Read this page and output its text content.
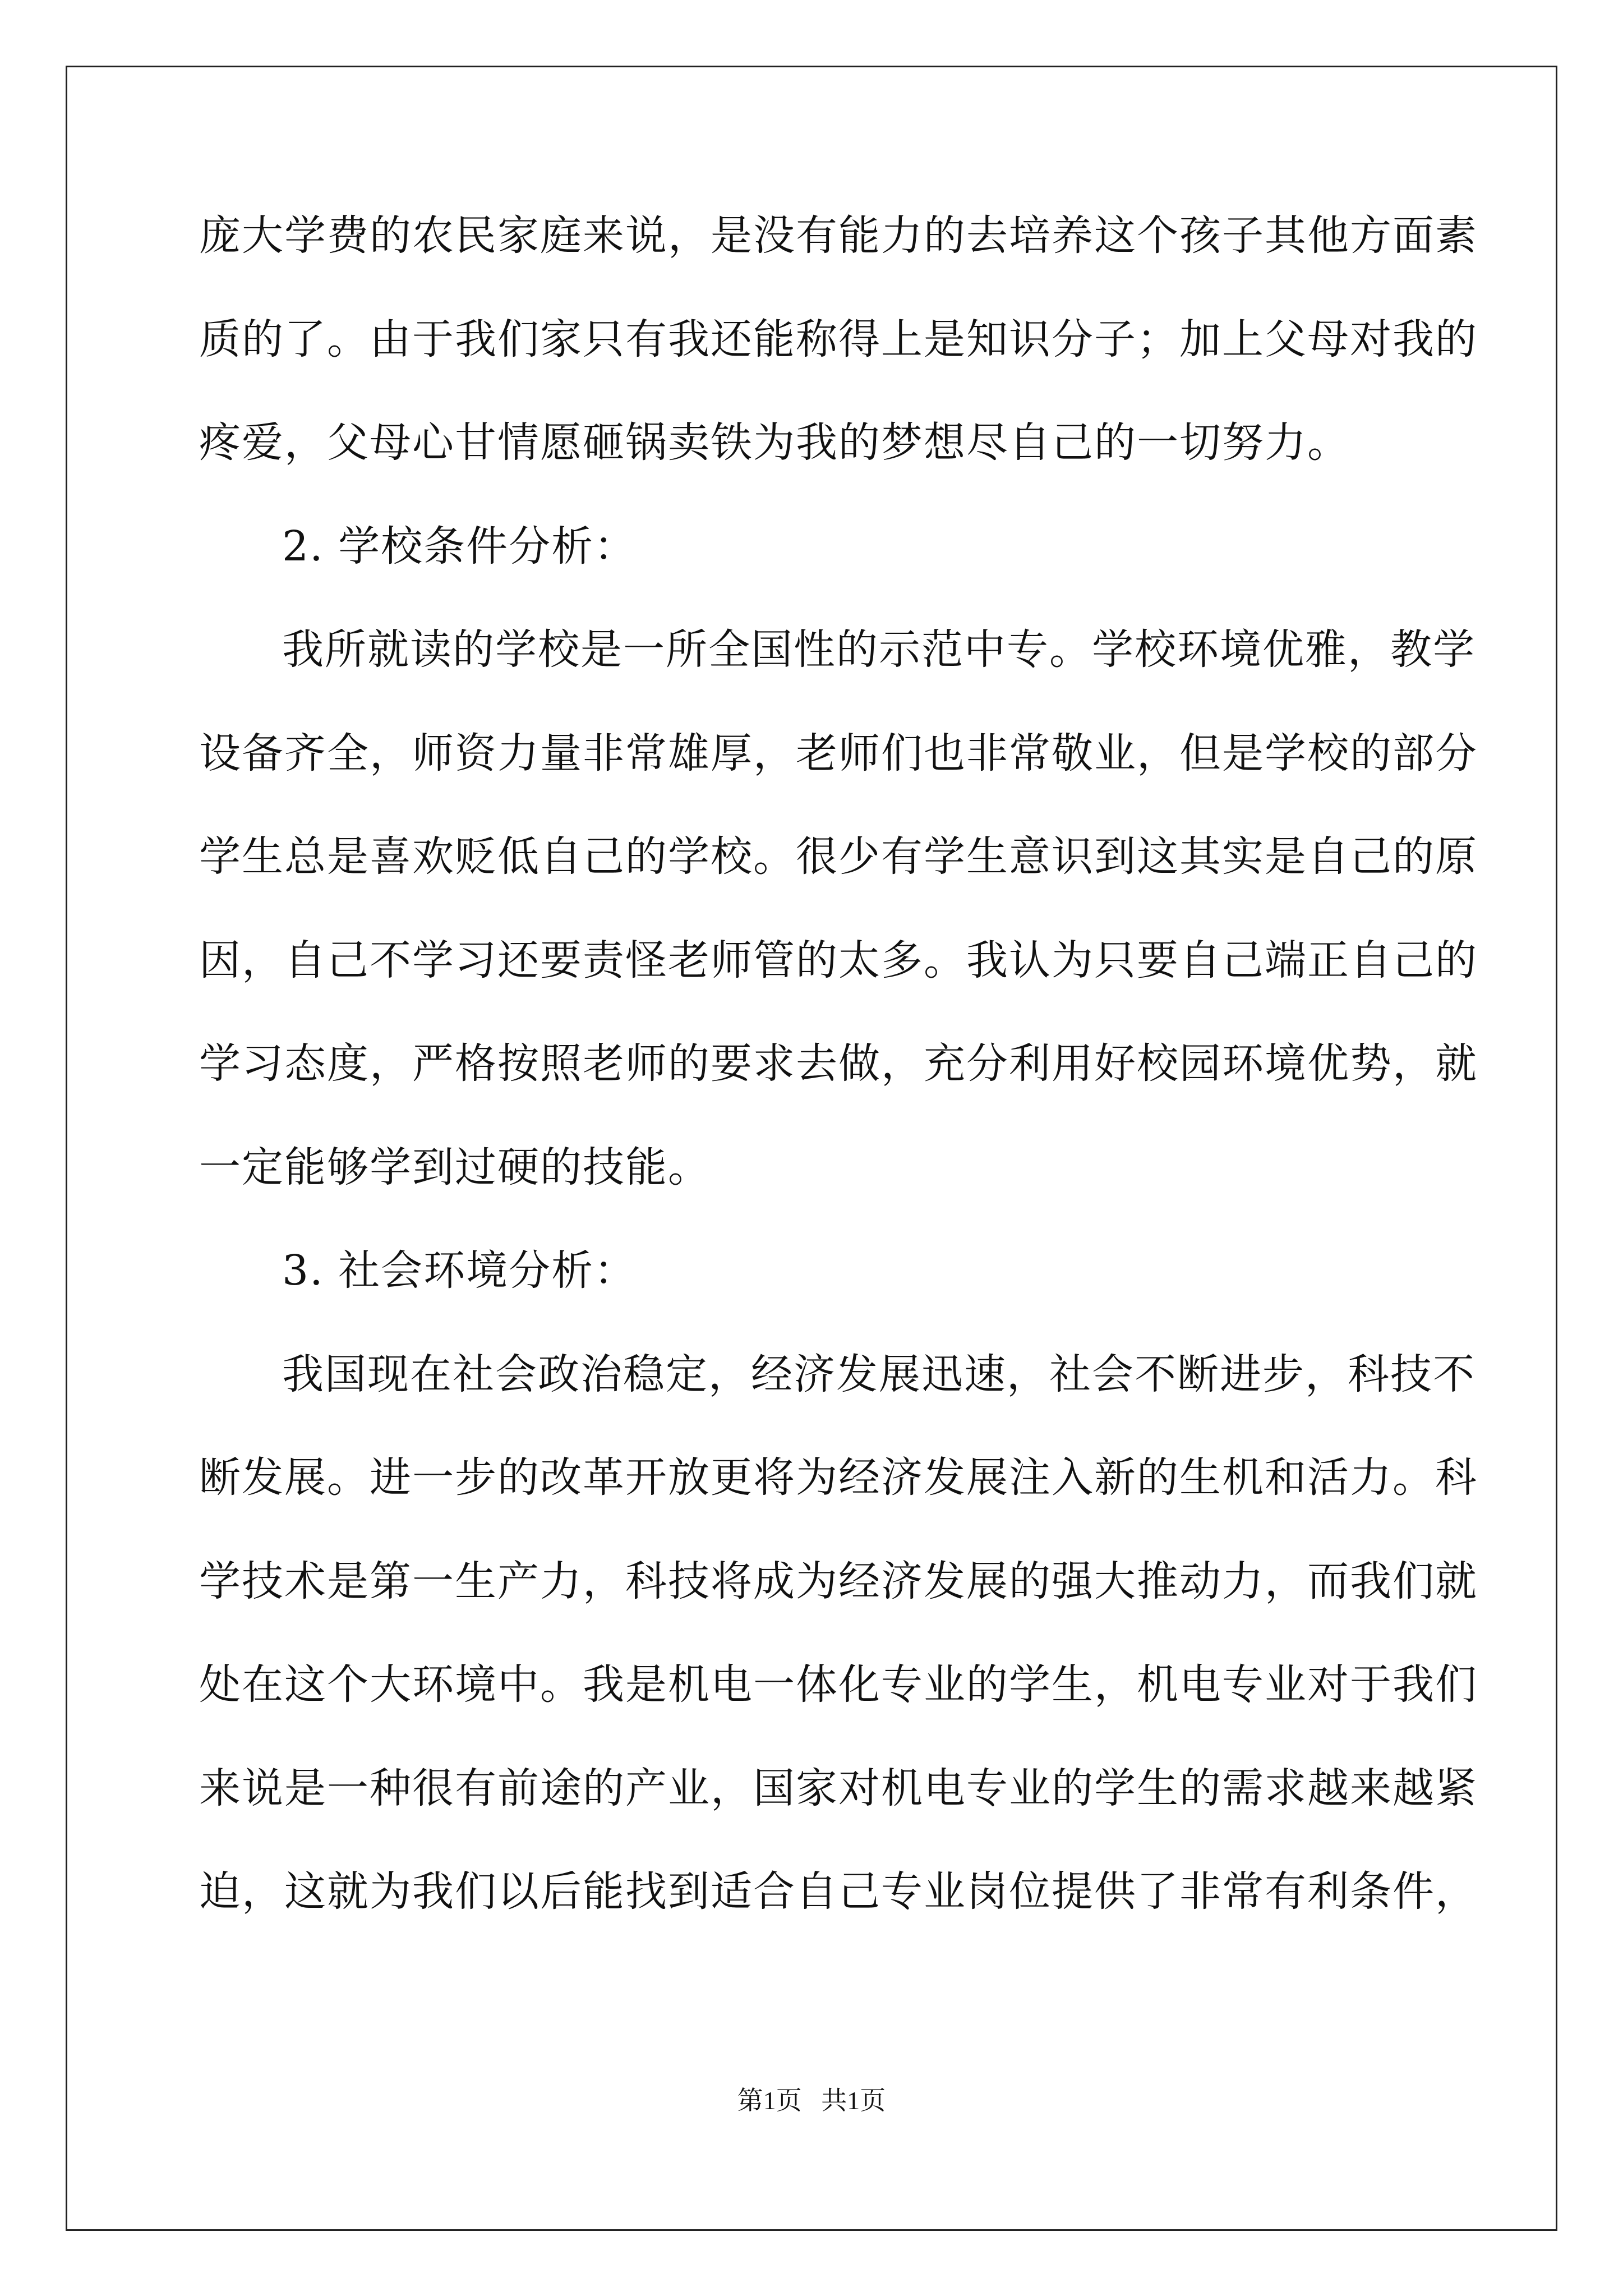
庞大学费的农民家庭来说，是没有能力的去培养这个孩子其他方面素
质的了。由于我们家只有我还能称得上是知识分子；加上父母对我的
疼爱，父母心甘情愿砸锅卖铁为我的梦想尽自己的一切努力。
2. 学校条件分析：
我所就读的学校是一所全国性的示范中专。学校环境优雅，教学
设备齐全，师资力量非常雄厚，老师们也非常敬业，但是学校的部分
学生总是喜欢贬低自己的学校。很少有学生意识到这其实是自己的原
因，自己不学习还要责怪老师管的太多。我认为只要自己端正自己的
学习态度，严格按照老师的要求去做，充分利用好校园环境优势，就
一定能够学到过硬的技能。
3. 社会环境分析：
我国现在社会政治稳定，经济发展迅速，社会不断进步，科技不
断发展。进一步的改革开放更将为经济发展注入新的生机和活力。科
学技术是第一生产力，科技将成为经济发展的强大推动力，而我们就
处在这个大环境中。我是机电一体化专业的学生，机电专业对于我们
来说是一种很有前途的产业，国家对机电专业的学生的需求越来越紧
迫，这就为我们以后能找到适合自己专业岗位提供了非常有利条件，
第1页   共1页
